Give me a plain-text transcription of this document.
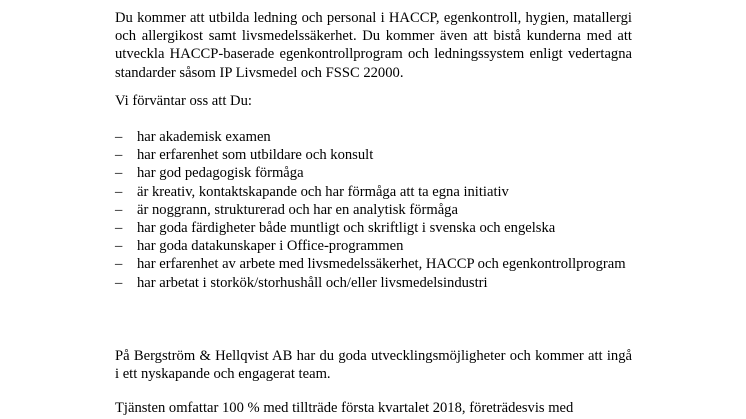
Du kommer att utbilda ledning och personal i HACCP, egenkontroll, hygien, matallergi och allergikost samt livsmedelssäkerhet. Du kommer även att bistå kunderna med att utveckla HACCP-baserade egenkontrollprogram och ledningssystem enligt vedertagna standarder såsom IP Livsmedel och FSSC 22000.

Vi förväntar oss att Du:

– har akademisk examen
– har erfarenhet som utbildare och konsult
– har god pedagogisk förmåga
– är kreativ, kontaktskapande och har förmåga att ta egna initiativ
– är noggrann, strukturerad och har en analytisk förmåga
– har goda färdigheter både muntligt och skriftligt i svenska och engelska
– har goda datakunskaper i Office-programmen
– har erfarenhet av arbete med livsmedelssäkerhet, HACCP och egenkontrollprogram
– har arbetat i storkök/storhushåll och/eller livsmedelsindustri

På Bergström & Hellqvist AB har du goda utvecklingsmöjligheter och kommer att ingå i ett nyskapande och engagerat team.

Tjänsten omfattar 100 % med tillträde första kvartalet 2018, företrädesvis med
